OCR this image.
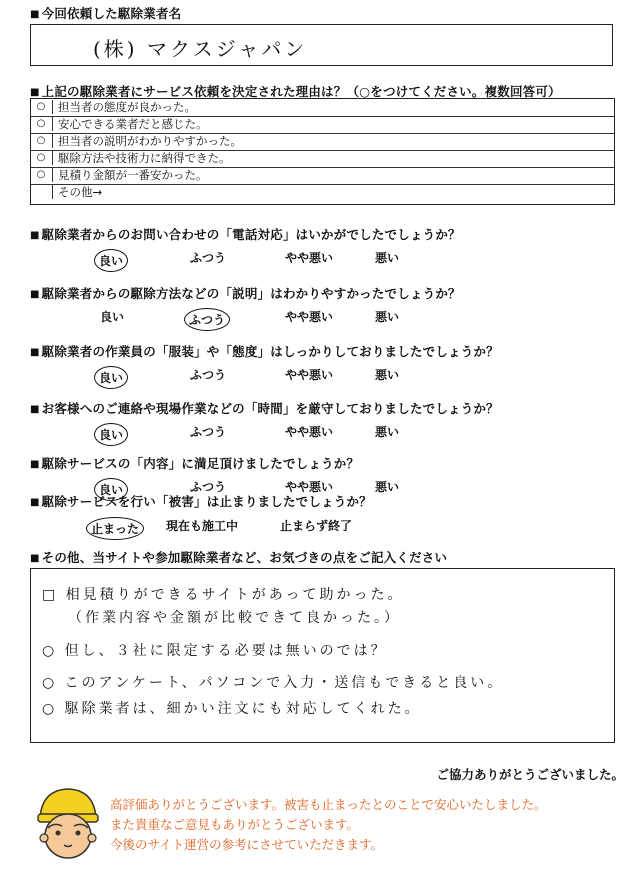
■ 今回依頼した駆除業者名
(株) マクスジャパン
■ 上記の駆除業者にサービス依頼を決定された理由は？（○をつけてください。複数回答可）
○	担当者の態度が良かった。
○	安心できる業者だと感じた。
○	担当者の説明がわかりやすかった。
○	駆除方法や技術力に納得できた。
○	見積り金額が一番安かった。
その他→
■ 駆除業者からのお問い合わせの「電話対応」はいかがでしたでしょうか？
良い	ふつう	やや悪い	悪い
■ 駆除業者からの駆除方法などの「説明」はわかりやすかったでしょうか？
良い	ふつう	やや悪い	悪い
■ 駆除業者の作業員の「服装」や「態度」はしっかりしておりましたでしょうか？
良い	ふつう	やや悪い	悪い
■ お客様へのご連絡や現場作業などの「時間」を厳守しておりましたでしょうか？
良い	ふつう	やや悪い	悪い
■ 駆除サービスの「内容」に満足頂けましたでしょうか？
良い	ふつう	やや悪い	悪い
■ 駆除サービスを行い「被害」は止まりましたでしょうか？
止まった	現在も施工中	止まらず終了
■ その他、当サイトや参加駆除業者など、お気づきの点をご記入ください
□ 相見積りができるサイトがあって助かった。
（作業内容や金額が比較できて良かった。）
○ 但し、３社に限定する必要は無いのでは？
○ このアンケート、パソコンで入力・送信もできると良い。
○ 駆除業者は、細かい注文にも対応してくれた。
ご協力ありがとうございました。
高評価ありがとうございます。被害も止まったとのことで安心いたしました。
また貴重なご意見もありがとうございます。
今後のサイト運営の参考にさせていただきます。
